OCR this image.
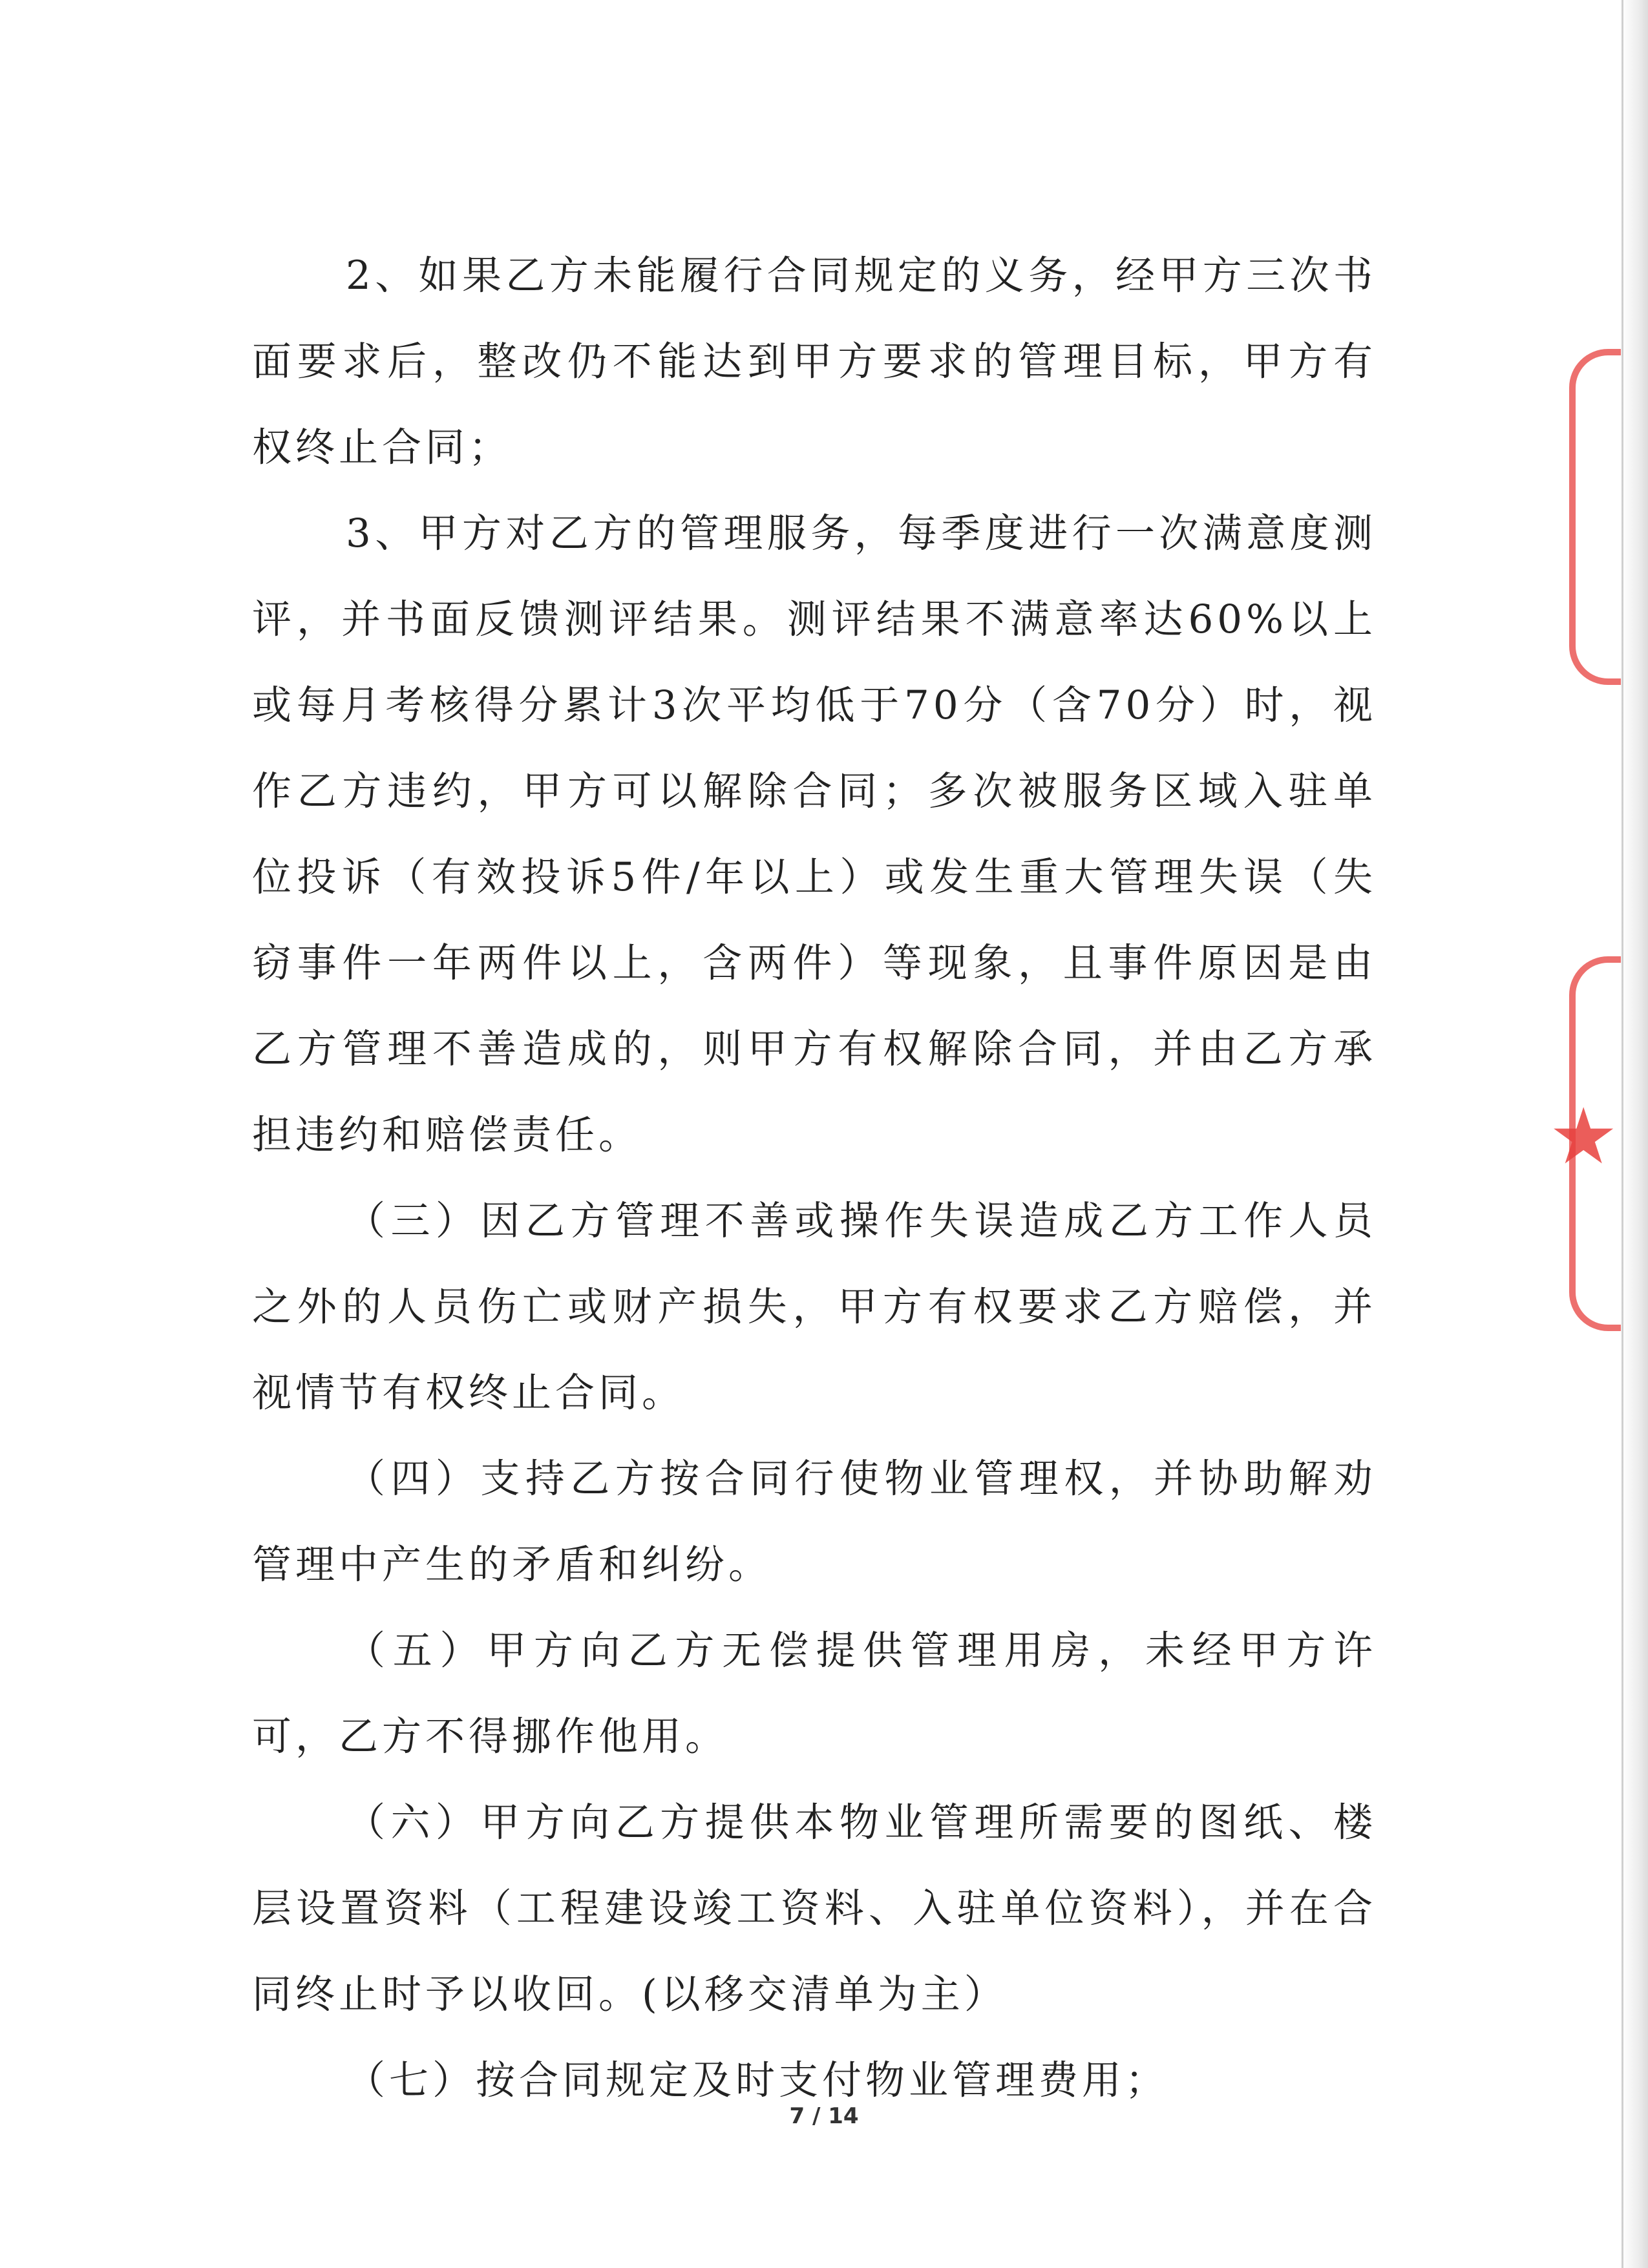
★

2、如果乙方未能履行合同规定的义务，经甲方三次书面要求后，整改仍不能达到甲方要求的管理目标，甲方有权终止合同；

3、甲方对乙方的管理服务，每季度进行一次满意度测评，并书面反馈测评结果。测评结果不满意率达60%以上或每月考核得分累计3次平均低于70分（含70分）时，视作乙方违约，甲方可以解除合同；多次被服务区域入驻单位投诉（有效投诉5件/年以上）或发生重大管理失误（失窃事件一年两件以上，含两件）等现象，且事件原因是由乙方管理不善造成的，则甲方有权解除合同，并由乙方承担违约和赔偿责任。

（三）因乙方管理不善或操作失误造成乙方工作人员之外的人员伤亡或财产损失，甲方有权要求乙方赔偿，并视情节有权终止合同。

（四）支持乙方按合同行使物业管理权，并协助解劝管理中产生的矛盾和纠纷。

（五）甲方向乙方无偿提供管理用房，未经甲方许可，乙方不得挪作他用。

（六）甲方向乙方提供本物业管理所需要的图纸、楼层设置资料（工程建设竣工资料、入驻单位资料），并在合同终止时予以收回。(以移交清单为主）

（七）按合同规定及时支付物业管理费用；

7 / 14
